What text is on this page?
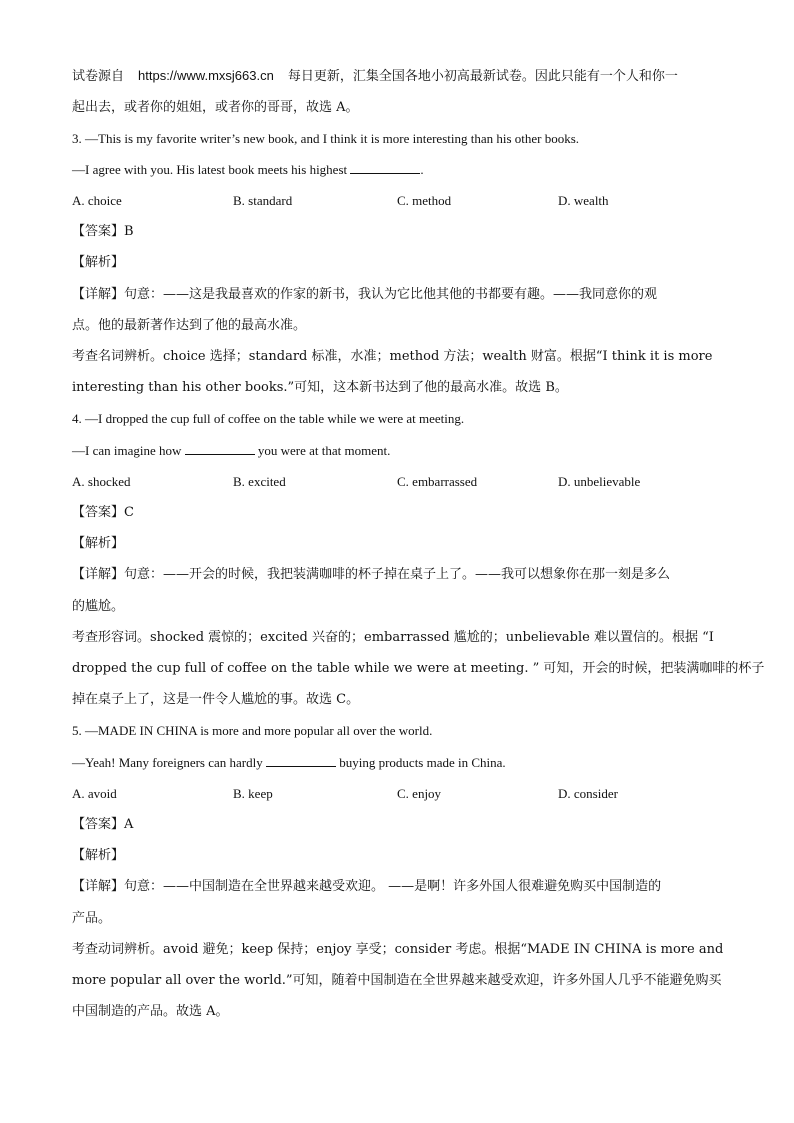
试卷源自 https://www.mxsj663.cn 每日更新，汇集全国各地小初高最新试卷。因此只能有一个人和你一
起出去，或者你的姐姐，或者你的哥哥，故选 A。
3. —This is my favorite writer’s new book, and I think it is more interesting than his other books.
—I agree with you. His latest book meets his highest	.
A. choice	B. standard	C. method	D. wealth
【答案】B
【解析】
【详解】句意：——这是我最喜欢的作家的新书，我认为它比他其他的书都要有趣。——我同意你的观
点。他的最新著作达到了他的最高水准。
考查名词辨析。choice 选择；standard 标准，水准；method 方法；wealth 财富。根据“I think it is more
interesting than his other books.”可知，这本新书达到了他的最高水准。故选 B。
4. —I dropped the cup full of coffee on the table while we were at meeting.
—I can imagine how	you were at that moment.
A. shocked	B. excited	C. embarrassed	D. unbelievable
【答案】C
【解析】
【详解】句意：——开会的时候，我把装满咖啡的杯子掉在桌子上了。——我可以想象你在那一刻是多么
的尴尬。
考查形容词。shocked 震惊的；excited 兴奋的；embarrassed 尴尬的；unbelievable 难以置信的。根据 “I
dropped the cup full of coffee on the table while we were at meeting. ” 可知，开会的时候，把装满咖啡的杯子
掉在桌子上了，这是一件令人尴尬的事。故选 C。
5. —MADE IN CHINA is more and more popular all over the world.
—Yeah! Many foreigners can hardly	buying products made in China.
A. avoid	B. keep	C. enjoy	D. consider
【答案】A
【解析】
【详解】句意：——中国制造在全世界越来越受欢迎。 ——是啊！许多外国人很难避免购买中国制造的
产品。
考查动词辨析。avoid 避免；keep 保持；enjoy 享受；consider 考虑。根据“MADE IN CHINA is more and
more popular all over the world.”可知，随着中国制造在全世界越来越受欢迎，许多外国人几乎不能避免购买
中国制造的产品。故选 A。
